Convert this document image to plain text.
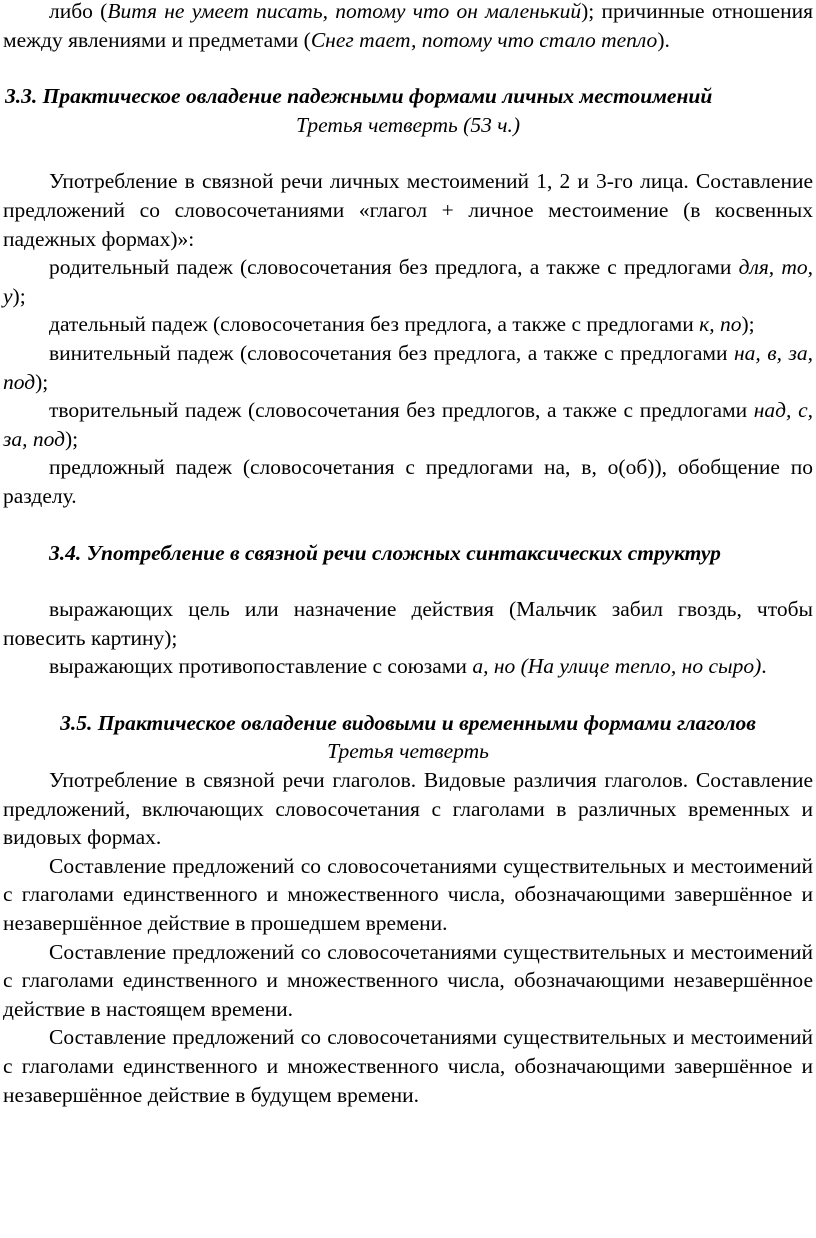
либо (Витя не умеет писать, потому что он маленький); причинные отношения между явлениями и предметами (Снег тает, потому что стало тепло).

3.3. Практическое овладение падежными формами личных местоимений

Третья четверть (53 ч.)

Употребление в связной речи личных местоимений 1, 2 и 3-го лица. Составление предложений со словосочетаниями «глагол + личное местоимение (в косвенных падежных формах)»:

родительный падеж (словосочетания без предлога, а также с предлогами для, то, у);

дательный падеж (словосочетания без предлога, а также с предлогами к, по);

винительный падеж (словосочетания без предлога, а также с предлогами на, в, за, под);

творительный падеж (словосочетания без предлогов, а также с предлогами над, с, за, под);

предложный падеж (словосочетания с предлогами на, в, о(об)), обобщение по разделу.

3.4. Употребление в связной речи сложных синтаксических структур

выражающих цель или назначение действия (Мальчик забил гвоздь, чтобы повесить картину);

выражающих противопоставление с союзами а, но (На улице тепло, но сыро).

3.5. Практическое овладение видовыми и временными формами глаголов

Третья четверть

Употребление в связной речи глаголов. Видовые различия глаголов. Составление предложений, включающих словосочетания с глаголами в различных временных и видовых формах.

Составление предложений со словосочетаниями существительных и местоимений с глаголами единственного и множественного числа, обозначающими завершённое и незавершённое действие в прошедшем времени.

Составление предложений со словосочетаниями существительных и местоимений с глаголами единственного и множественного числа, обозначающими незавершённое действие в настоящем времени.

Составление предложений со словосочетаниями существительных и местоимений с глаголами единственного и множественного числа, обозначающими завершённое и незавершённое действие в будущем времени.
